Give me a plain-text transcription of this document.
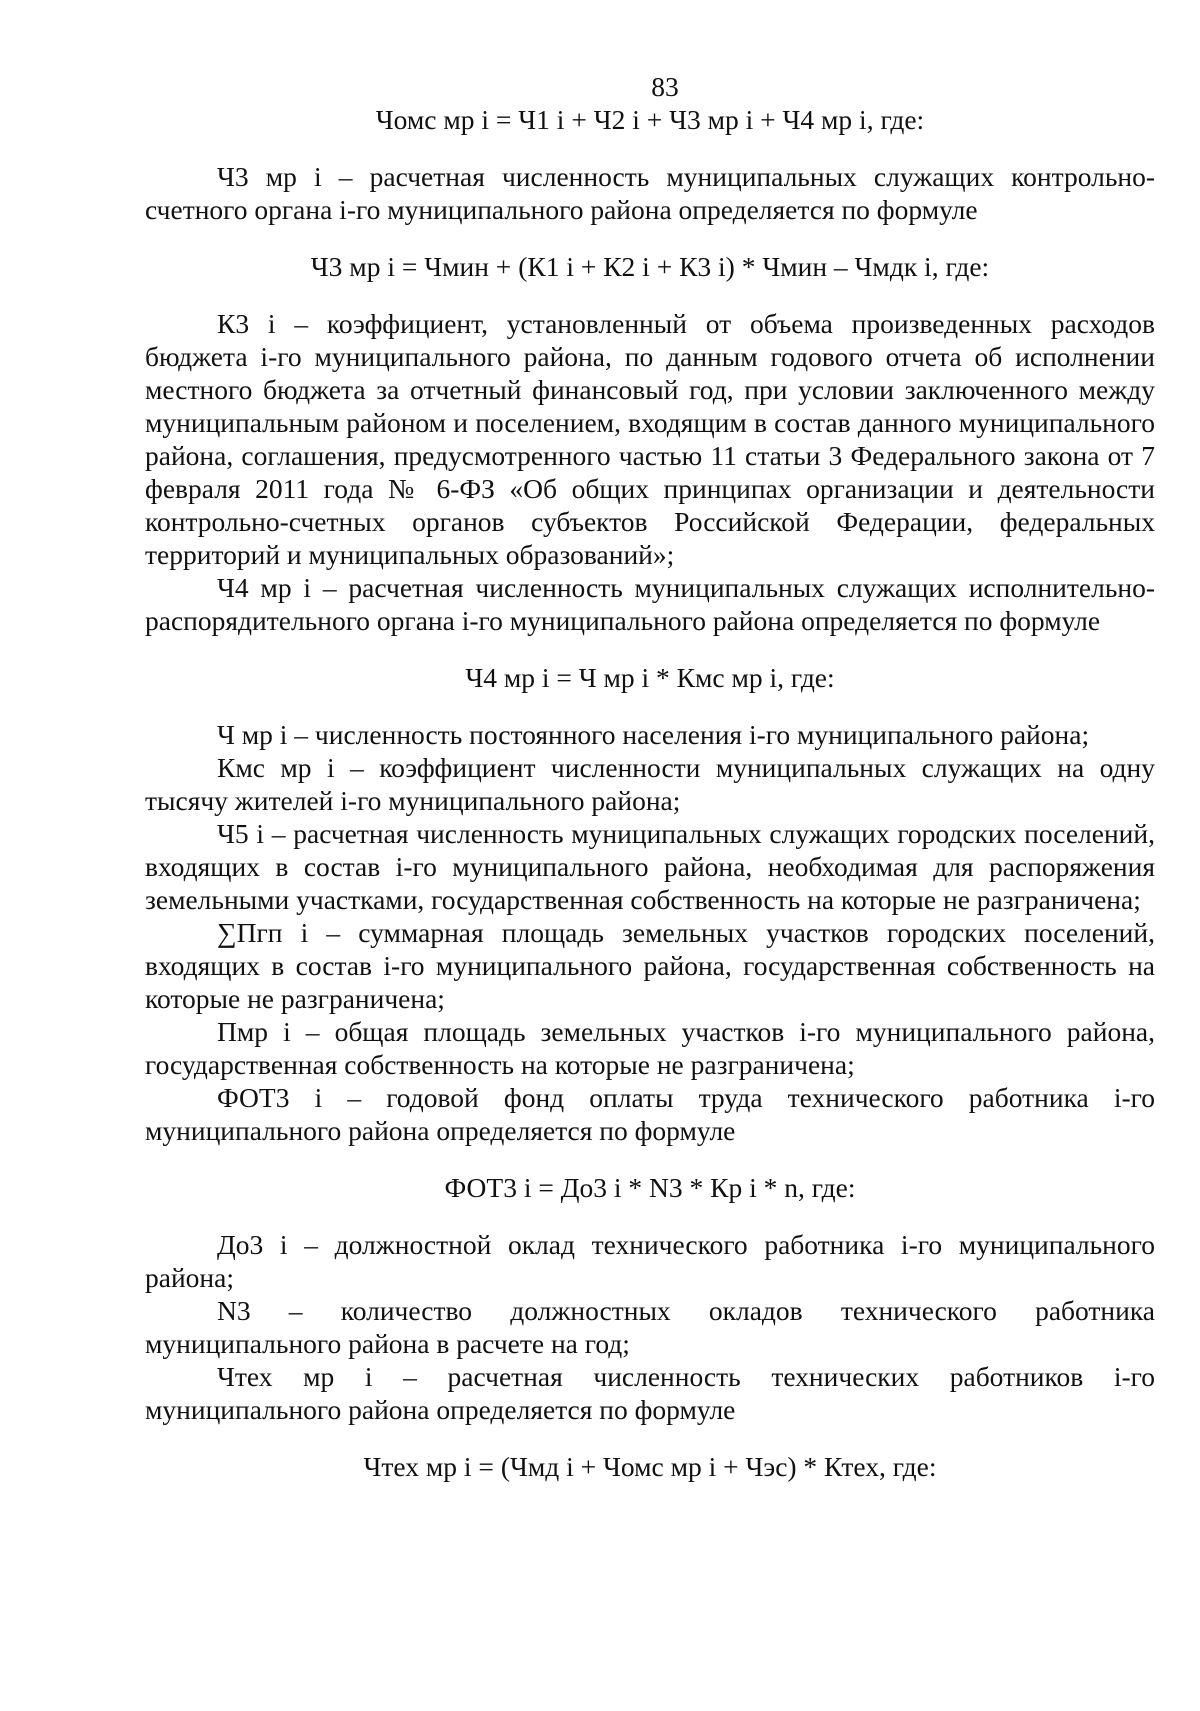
83

Чомс мр i = Ч1 i + Ч2 i + Ч3 мр i + Ч4 мр i, где:

Ч3 мр i – расчетная численность муниципальных служащих контрольно-счетного органа i-го муниципального района определяется по формуле

Ч3 мр i = Чмин + (К1 i + К2 i + К3 i) * Чмин – Чмдк i, где:

К3 i – коэффициент, установленный от объема произведенных расходов бюджета i-го муниципального района, по данным годового отчета об исполнении местного бюджета за отчетный финансовый год, при условии заключенного между муниципальным районом и поселением, входящим в состав данного муниципального района, соглашения, предусмотренного частью 11 статьи 3 Федерального закона от 7 февраля 2011 года № 6-ФЗ «Об общих принципах организации и деятельности контрольно-счетных органов субъектов Российской Федерации, федеральных территорий и муниципальных образований»;

Ч4 мр i – расчетная численность муниципальных служащих исполнительно-распорядительного органа i-го муниципального района определяется по формуле

Ч4 мр i = Ч мр i * Кмс мр i, где:

Ч мр i – численность постоянного населения i-го муниципального района;

Кмс мр i – коэффициент численности муниципальных служащих на одну тысячу жителей i-го муниципального района;

Ч5 i – расчетная численность муниципальных служащих городских поселений, входящих в состав i-го муниципального района, необходимая для распоряжения земельными участками, государственная собственность на которые не разграничена;

∑Пгп i – суммарная площадь земельных участков городских поселений, входящих в состав i-го муниципального района, государственная собственность на которые не разграничена;

Пмр i – общая площадь земельных участков i-го муниципального района, государственная собственность на которые не разграничена;

ФОТ3 i – годовой фонд оплаты труда технического работника i-го муниципального района определяется по формуле

ФОТ3 i = До3 i * N3 * Кр i * n, где:

До3 i – должностной оклад технического работника i-го муниципального района;

N3 – количество должностных окладов технического работника муниципального района в расчете на год;

Чтех мр i – расчетная численность технических работников i-го муниципального района определяется по формуле

Чтех мр i = (Чмд i + Чомс мр i + Чэс) * Ктех, где:
